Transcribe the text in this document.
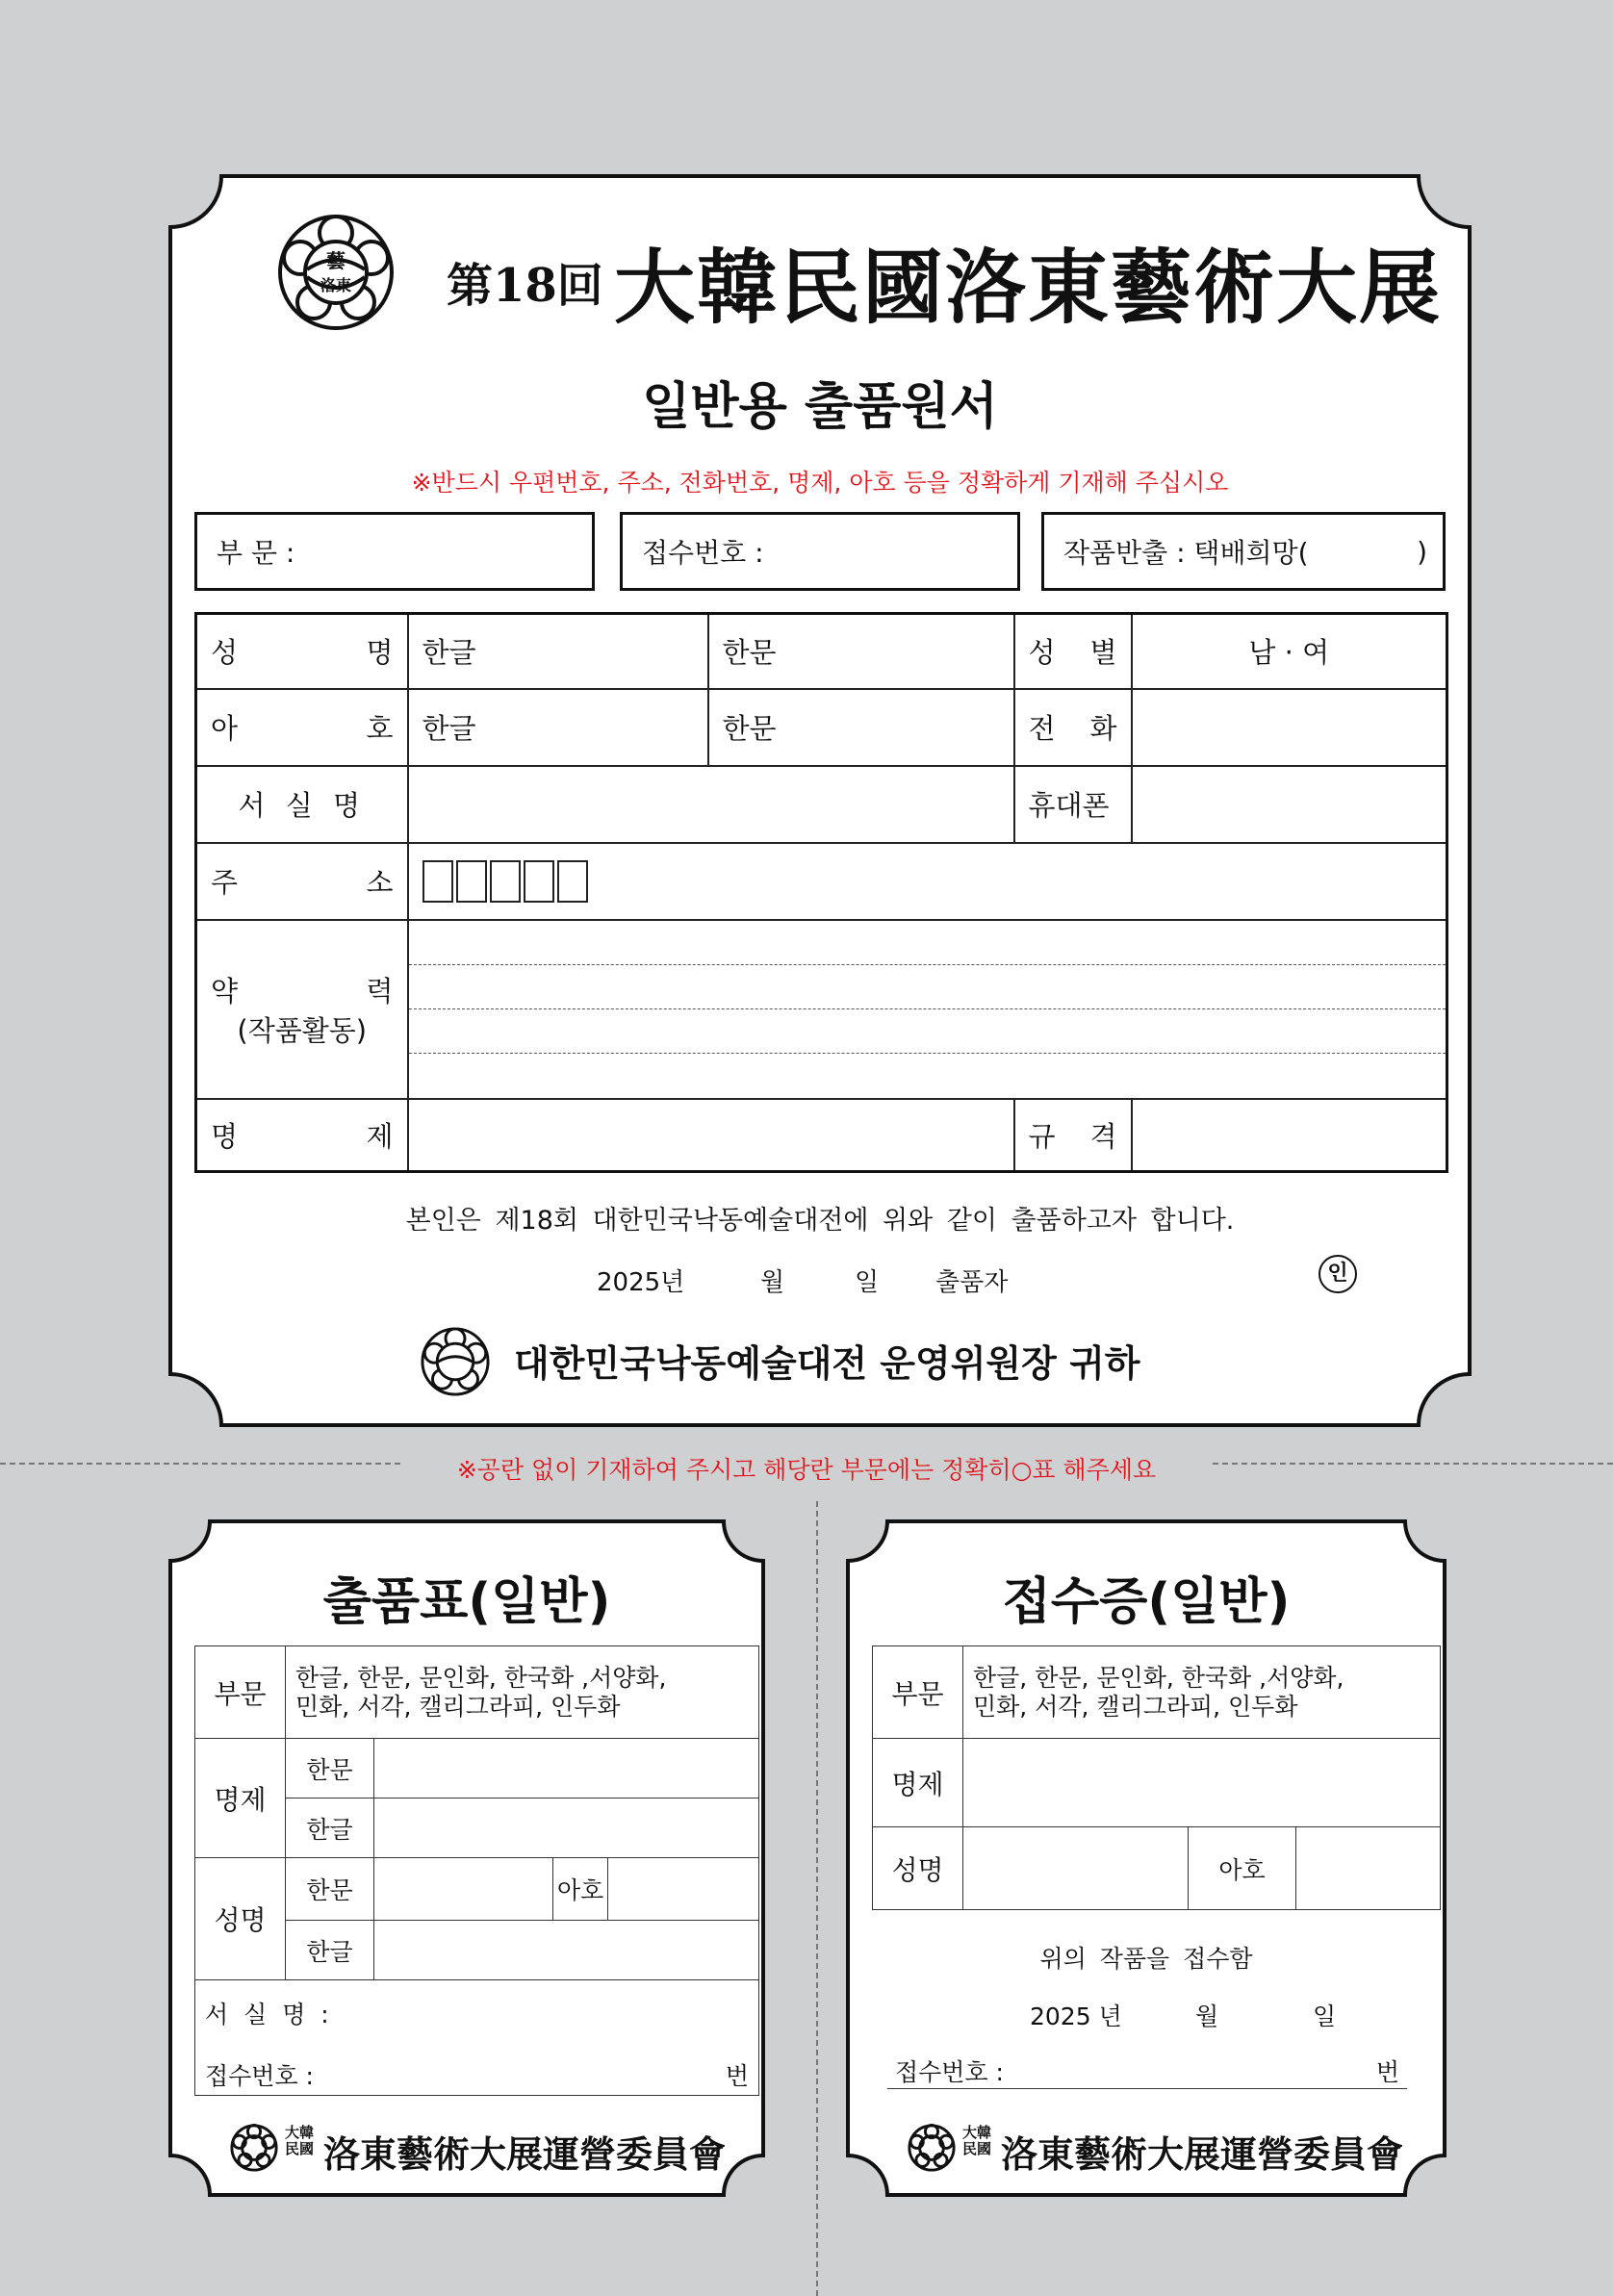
藝
洛東 第18回 大韓民國洛東藝術大展
일반용 출품원서
※반드시 우편번호, 주소, 전화번호, 명제, 아호 등을 정확하게 기재해 주십시오
부 문 :	접수번호 :	작품반출 : 택배희망(	)
성 명	한글	한문	성 별	남 · 여

아 호	한글	한문	전 화	

서 실 명			휴대폰	

주 소				

약 력
(작품활동)				

명 제			규 격	

본인은 제18회 대한민국낙동예술대전에 위와 같이 출품하고자 합니다.
2025년	월	일 출품자	인
대한민국낙동예술대전 운영위원장 귀하
※공란 없이 기재하여 주시고 해당란 부문에는 정확히○표 해주세요
출품표(일반)
부문	한글, 한문, 문인화, 한국화 ,서양화,
민화, 서각, 캘리그라피, 인두화		

명제	한문		
	한글		
성명	한문		아호
	한글		

서 실 명 :
접수번호 : 번			
大韓
民國 洛東藝術大展運營委員會
접수증(일반)
부문	한글, 한문, 문인화, 한국화 ,서양화,
민화, 서각, 캘리그라피, 인두화		

명제			
성명		아호	
위의 작품을 접수함
2025 년	월	일
접수번호 :	번
大韓
民國 洛東藝術大展運營委員會
